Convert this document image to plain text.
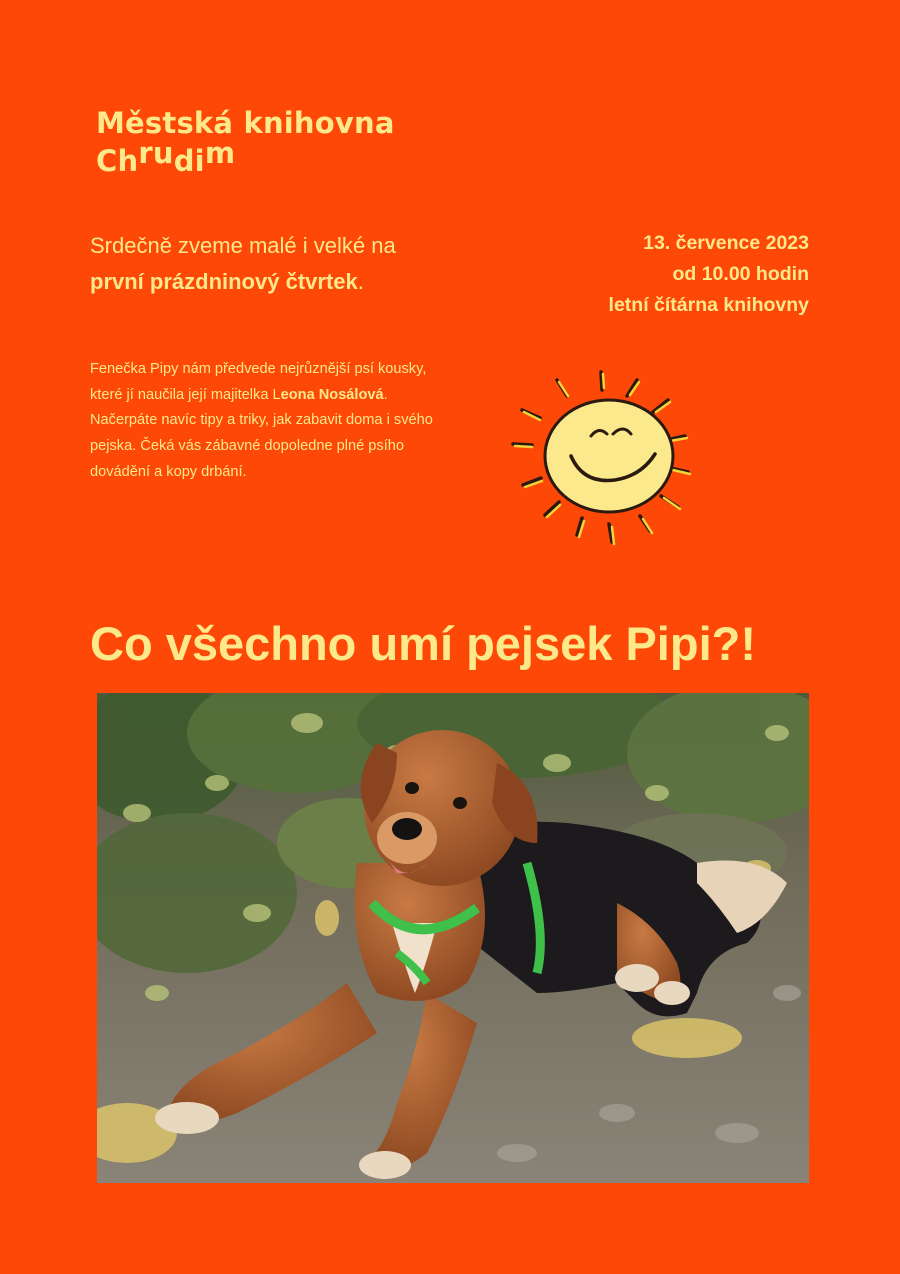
Městská knihovna
Chrudim
Srdečně zveme malé i velké na první prázdninový čtvrtek.
13. července 2023
od 10.00 hodin
letní čítárna knihovny
Fenečka Pipy nám předvede nejrůznější psí kousky, které jí naučila její majitelka Leona Nosálová. Načerpáte navíc tipy a triky, jak zabavit doma i svého pejska. Čeká vás zábavné dopoledne plné psího dovádění a kopy drbání.
Co všechno umí pejsek Pipi?!
